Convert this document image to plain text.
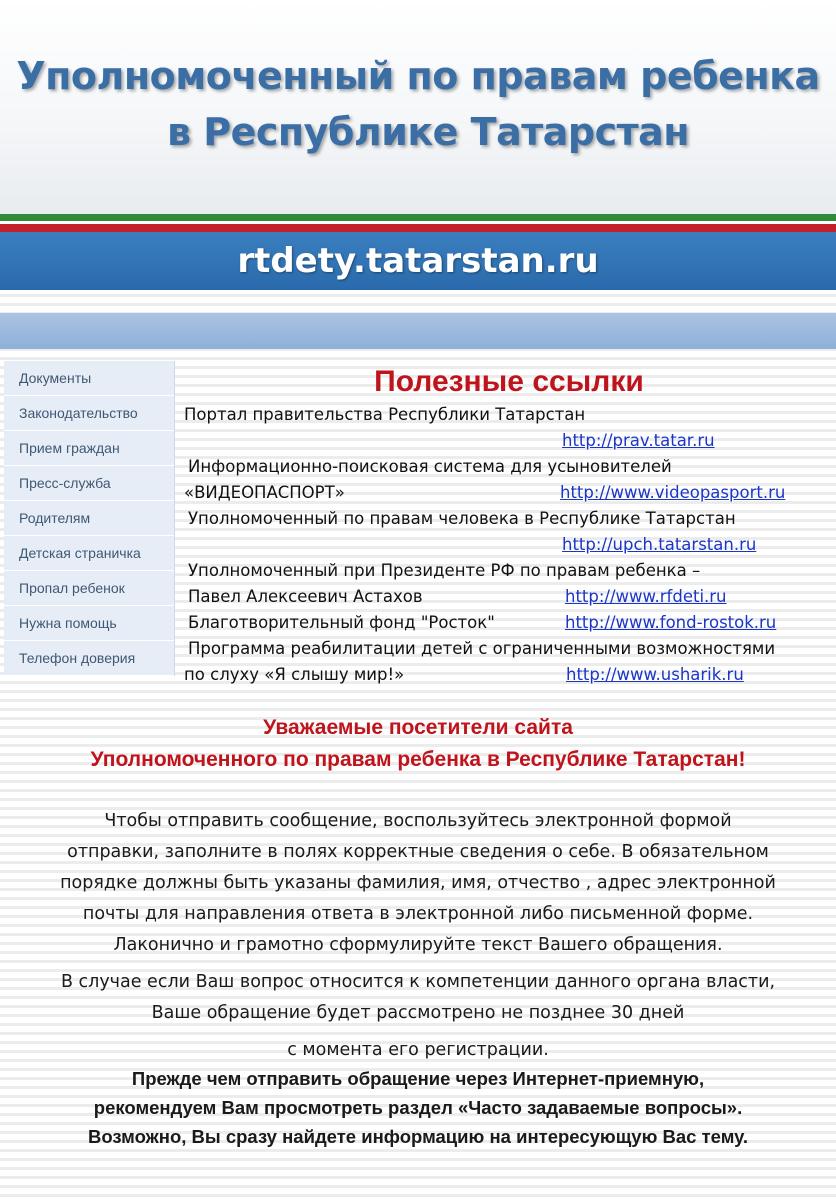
Уполномоченный по правам ребенка
в Республике Татарстан
rtdety.tatarstan.ru
Документы
Законодательство
Прием граждан
Пресс-служба
Родителям
Детская страничка
Пропал ребенок
Нужна помощь
Телефон доверия
Полезные ссылки
Портал правительства Республики Татарстан
http://prav.tatar.ru
Информационно-поисковая система для усыновителей
«ВИДЕОПАСПОРТ»	http://www.videopasport.ru
Уполномоченный по правам человека в Республике Татарстан
http://upch.tatarstan.ru
Уполномоченный при Президенте РФ по правам ребенка –
Павел Алексеевич Астахов	http://www.rfdeti.ru
Благотворительный фонд "Росток"	http://www.fond-rostok.ru
Программа реабилитации детей с ограниченными возможностями
по слуху «Я слышу мир!»	http://www.usharik.ru
Уважаемые посетители сайта
Уполномоченного по правам ребенка в Республике Татарстан!
Чтобы отправить сообщение, воспользуйтесь электронной формой
отправки, заполните в полях корректные сведения о себе. В обязательном
порядке должны быть указаны фамилия, имя, отчество , адрес электронной
почты для направления ответа в электронной либо письменной форме.
Лаконично и грамотно сформулируйте текст Вашего обращения.
В случае если Ваш вопрос относится к компетенции данного органа власти,
Ваше обращение будет рассмотрено не позднее 30 дней
с момента его регистрации.
Прежде чем отправить обращение через Интернет-приемную,
рекомендуем Вам просмотреть раздел «Часто задаваемые вопросы».
Возможно, Вы сразу найдете информацию на интересующую Вас тему.
